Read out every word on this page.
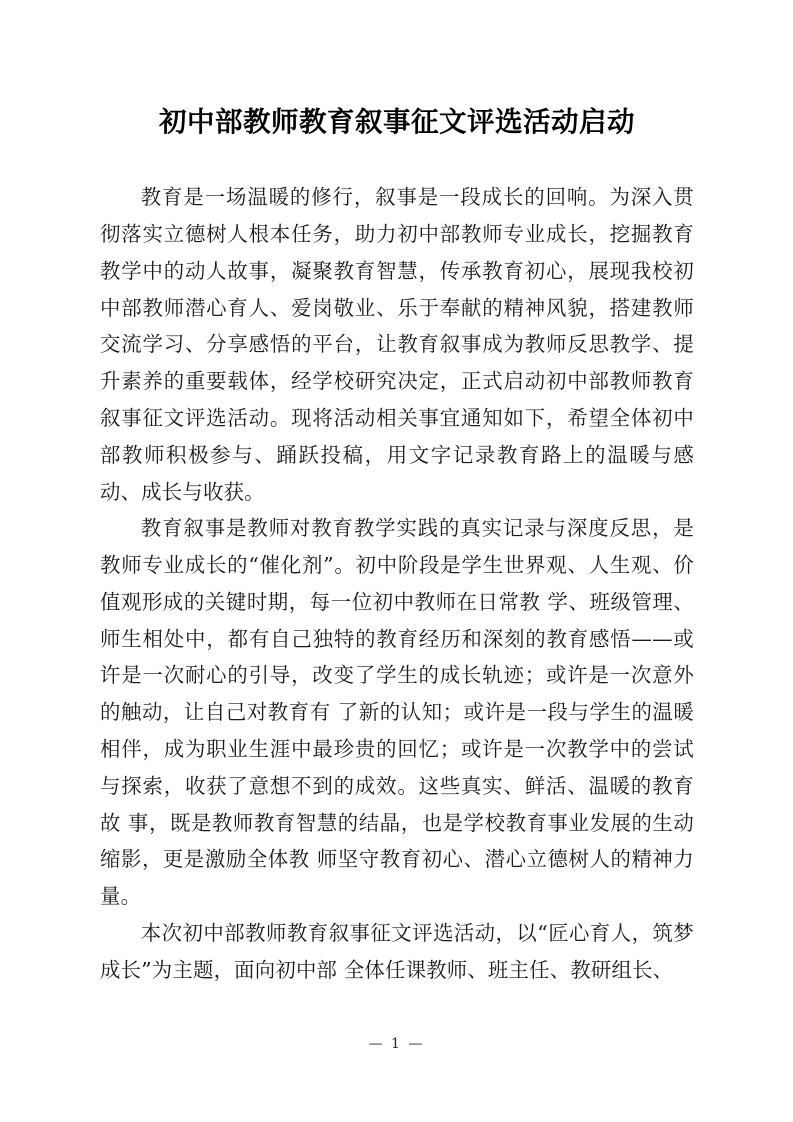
初中部教师教育叙事征文评选活动启动

教育是一场温暖的修行，叙事是一段成长的回响。为深入贯彻落实立德树人根本任务，助力初中部教师专业成长，挖掘教育教学中的动人故事，凝聚教育智慧，传承教育初心，展现我校初中部教师潜心育人、爱岗敬业、乐于奉献的精神风貌，搭建教师交流学习、分享感悟的平台，让教育叙事成为教师反思教学、提升素养的重要载体，经学校研究决定，正式启动初中部教师教育叙事征文评选活动。现将活动相关事宜通知如下，希望全体初中部教师积极参与、踊跃投稿，用文字记录教育路上的温暖与感动、成长与收获。

教育叙事是教师对教育教学实践的真实记录与深度反思，是教师专业成长的“催化剂”。初中阶段是学生世界观、人生观、价值观形成的关键时期，每一位初中教师在日常教 学、班级管理、师生相处中，都有自己独特的教育经历和深刻的教育感悟——或许是一次耐心的引导，改变了学生的成长轨迹；或许是一次意外的触动，让自己对教育有 了新的认知；或许是一段与学生的温暖相伴，成为职业生涯中最珍贵的回忆；或许是一次教学中的尝试与探索，收获了意想不到的成效。这些真实、鲜活、温暖的教育故 事，既是教师教育智慧的结晶，也是学校教育事业发展的生动缩影，更是激励全体教 师坚守教育初心、潜心立德树人的精神力量。

本次初中部教师教育叙事征文评选活动，以“匠心育人，筑梦成长”为主题，面向初中部 全体任课教师、班主任、教研组长、

— 1 —
